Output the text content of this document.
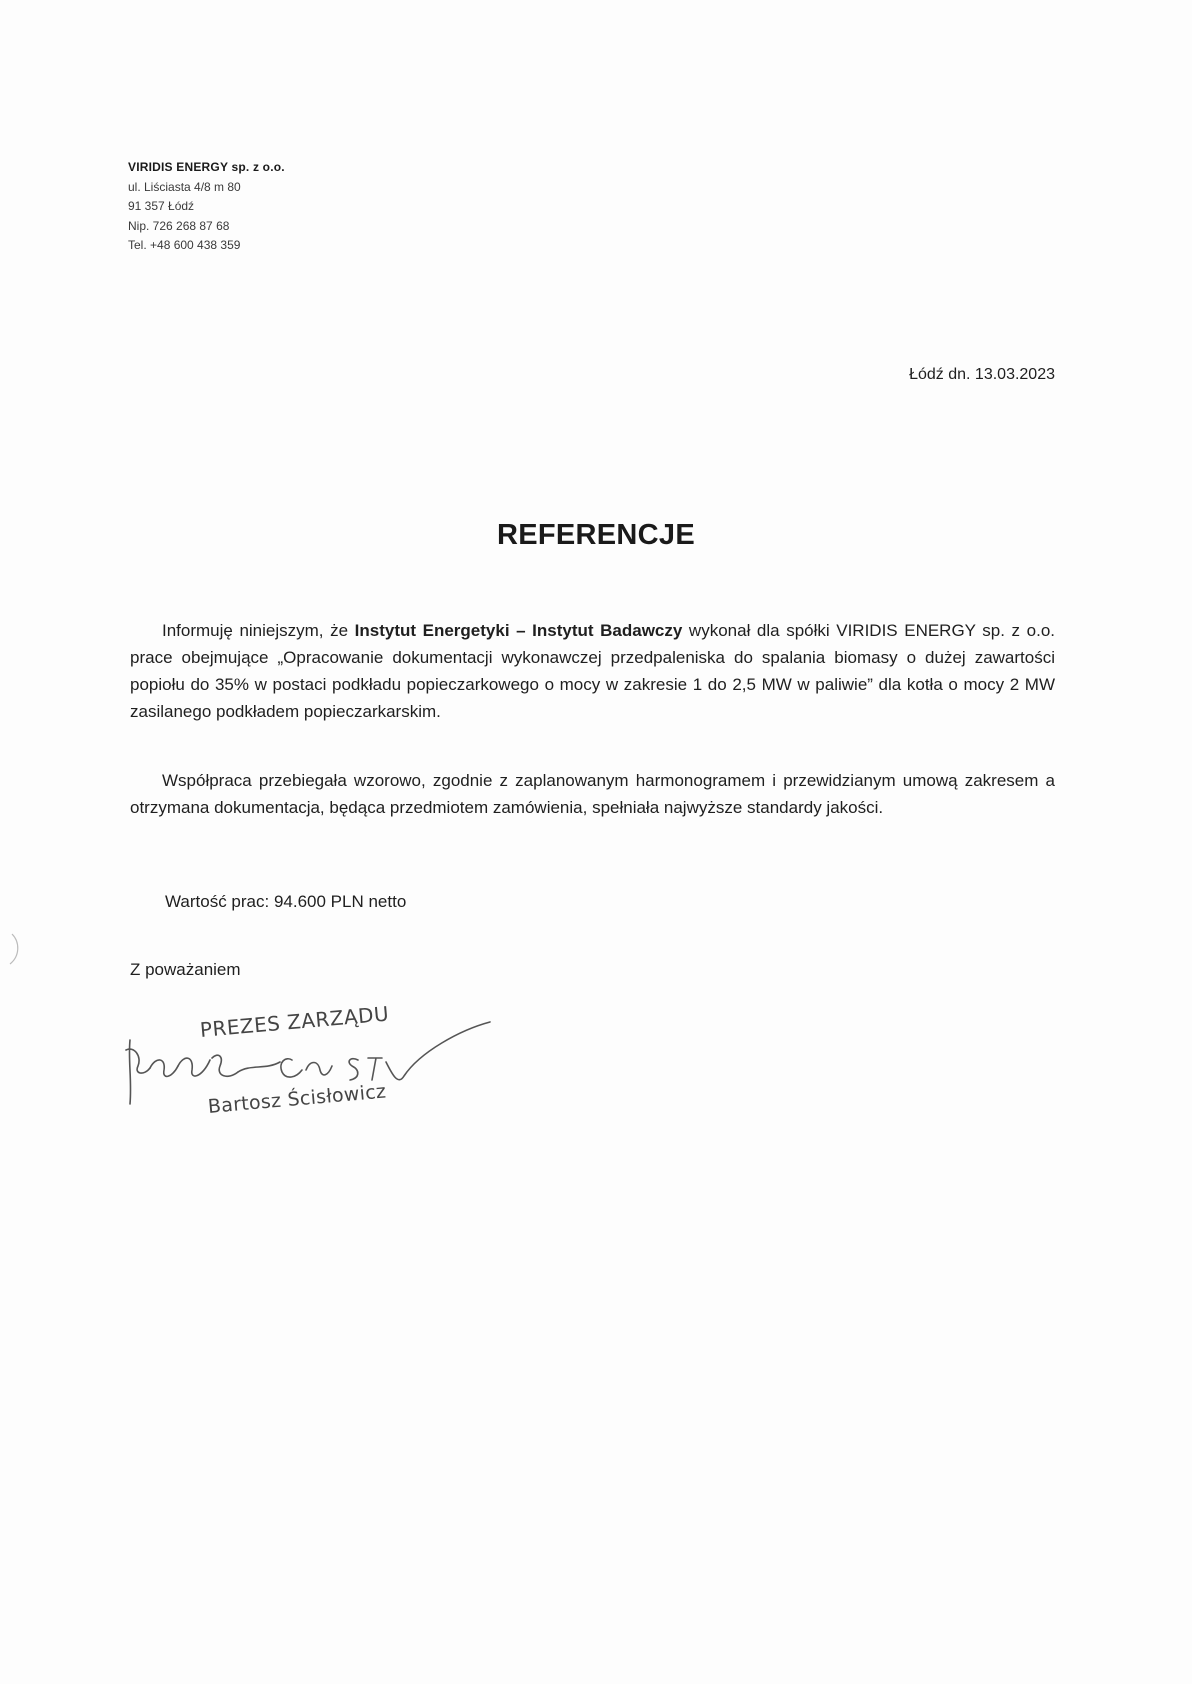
VIRIDIS ENERGY sp. z o.o.
ul. Liściasta 4/8 m 80
91 357 Łódź
Nip. 726 268 87 68
Tel. +48 600 438 359
Łódź dn. 13.03.2023
REFERENCJE
Informuję niniejszym, że Instytut Energetyki – Instytut Badawczy wykonał dla spółki VIRIDIS ENERGY sp. z o.o. prace obejmujące „Opracowanie dokumentacji wykonawczej przedpaleniska do spalania biomasy o dużej zawartości popiołu do 35% w postaci podkładu popieczarkowego o mocy w zakresie 1 do 2,5 MW w paliwie” dla kotła o mocy 2 MW zasilanego podkładem popieczarkarskim.
Współpraca przebiegała wzorowo, zgodnie z zaplanowanym harmonogramem i przewidzianym umową zakresem a otrzymana dokumentacja, będąca przedmiotem zamówienia, spełniała najwyższe standardy jakości.
Wartość prac: 94.600 PLN netto
Z poważaniem
PREZES ZARZĄDU
Bartosz Ścisłowicz
